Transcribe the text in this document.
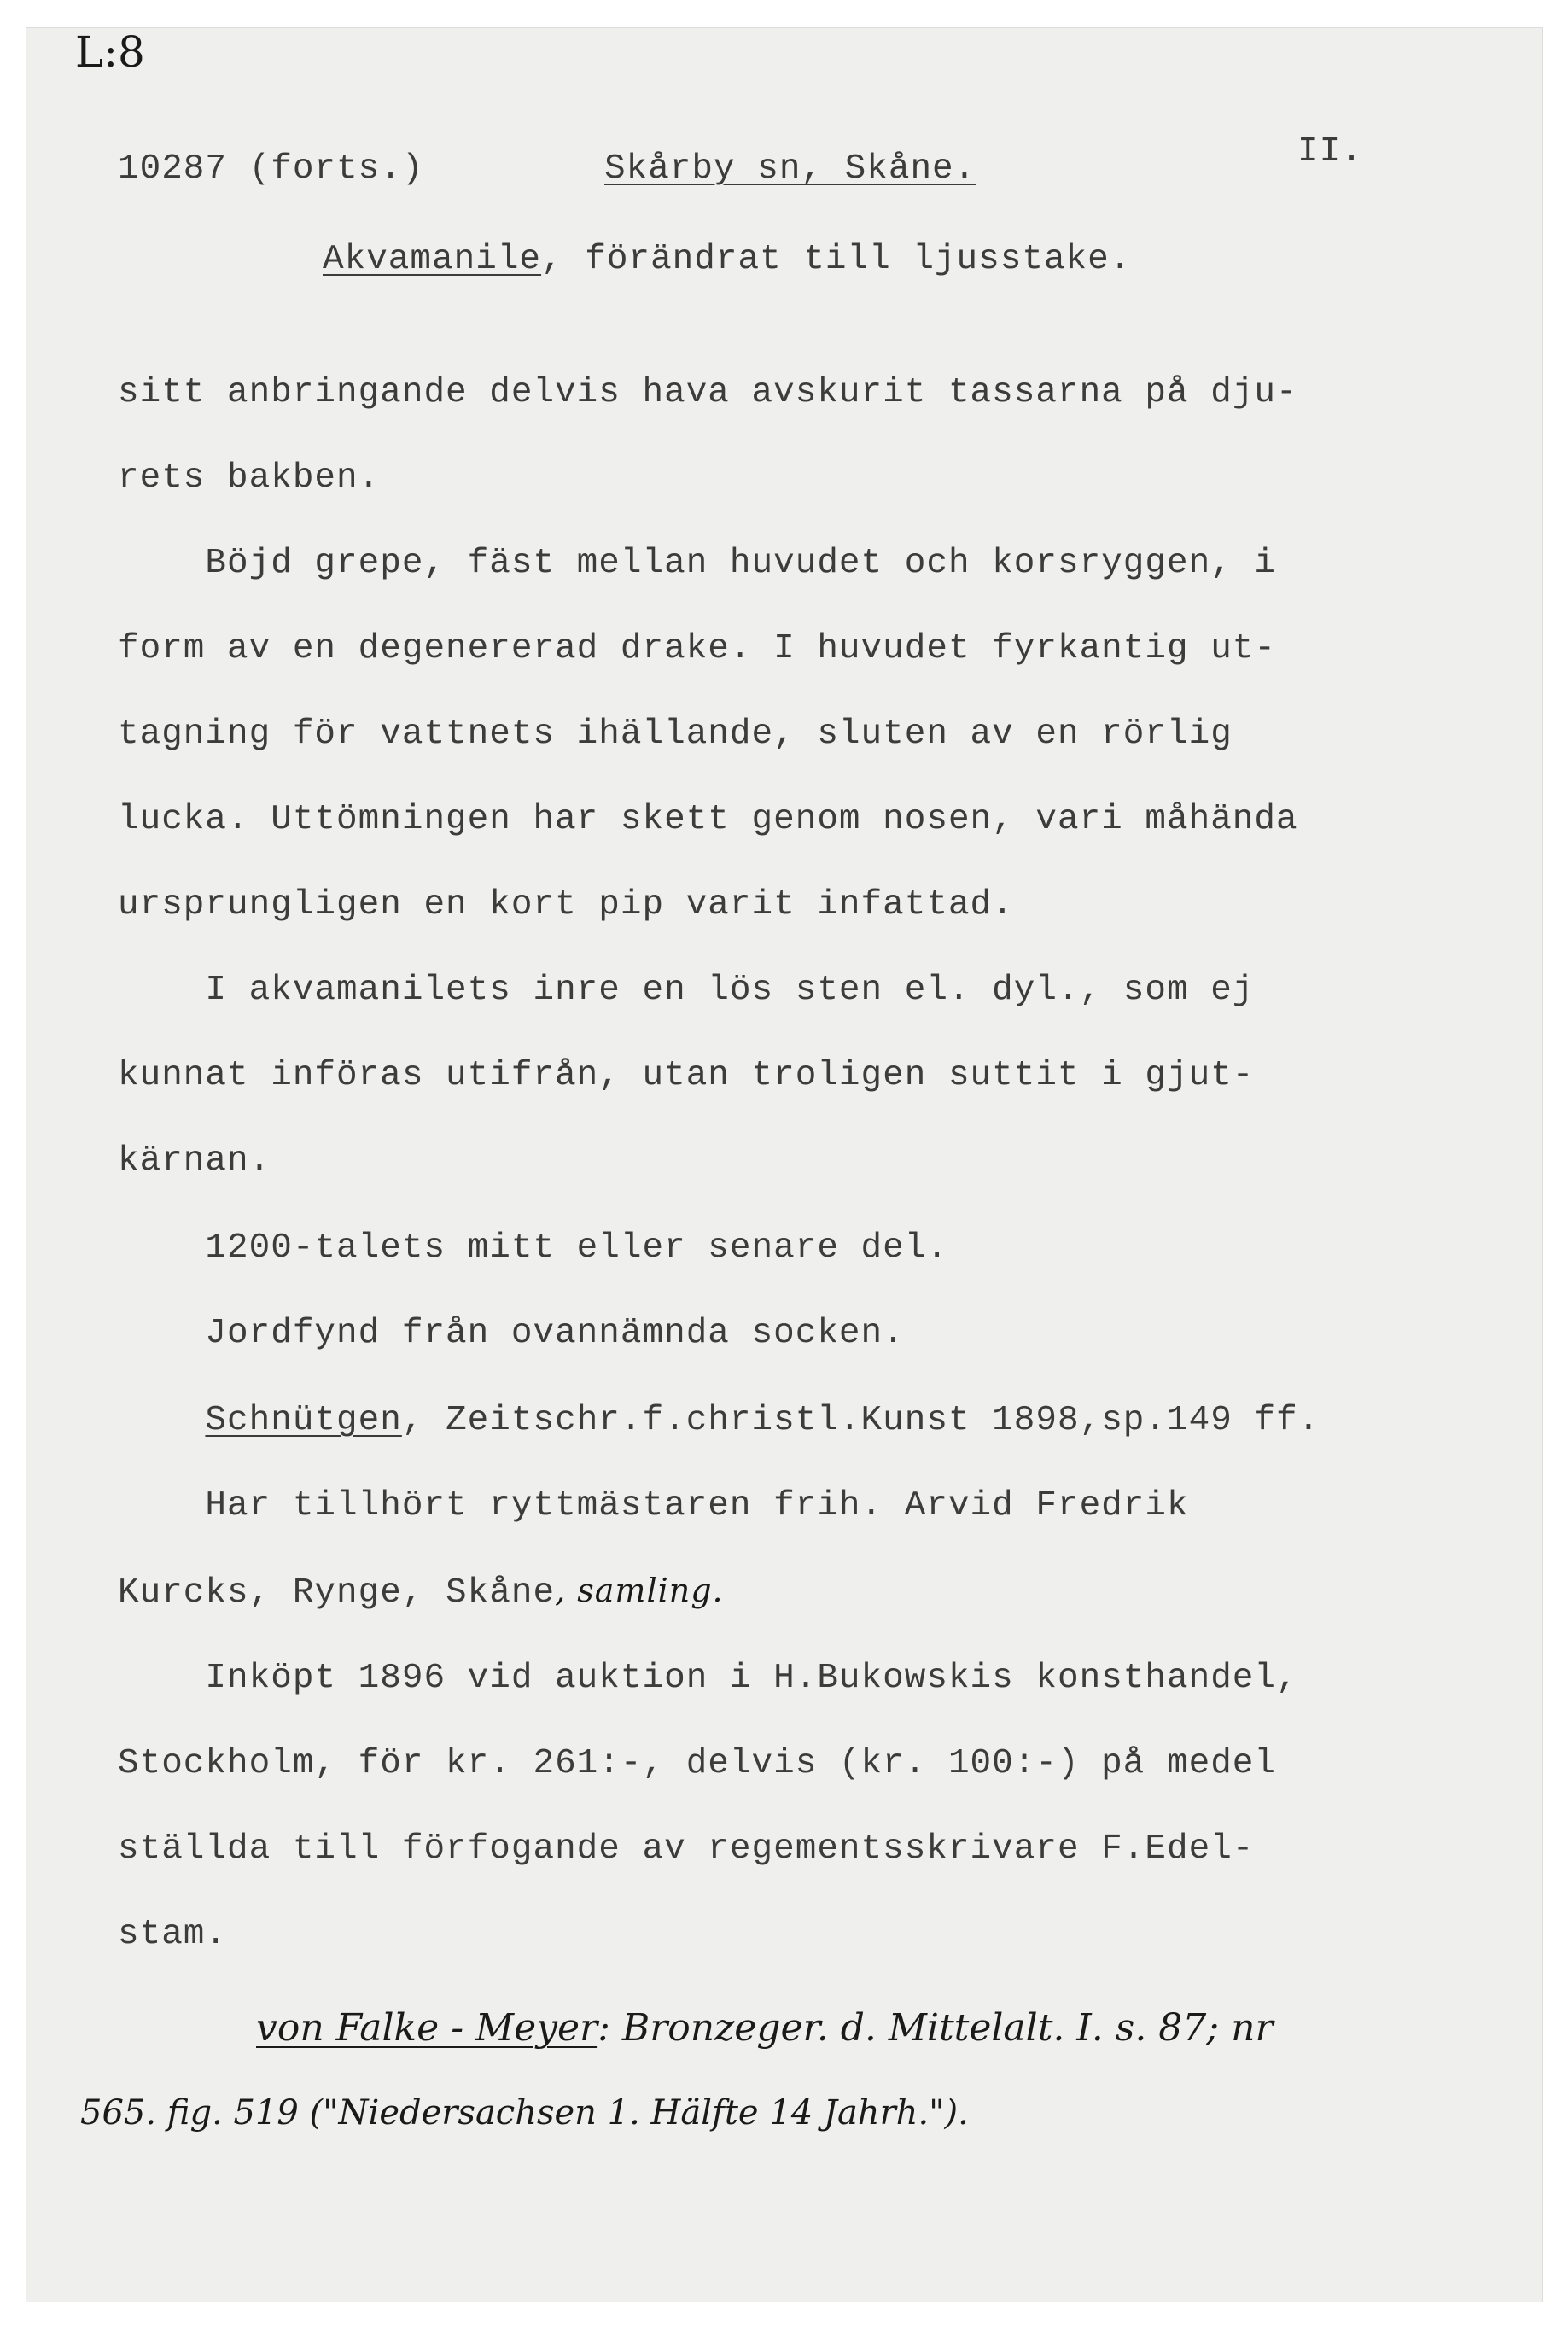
L:8
10287 (forts.)	Skårby sn, Skåne.	II.
Akvamanile, förändrat till ljusstake.
sitt anbringande delvis hava avskurit tassarna på dju-
rets bakben.
Böjd grepe, fäst mellan huvudet och korsryggen, i
form av en degenererad drake. I huvudet fyrkantig ut-
tagning för vattnets ihällande, sluten av en rörlig
lucka. Uttömningen har skett genom nosen, vari måhända
ursprungligen en kort pip varit infattad.
I akvamanilets inre en lös sten el. dyl., som ej
kunnat införas utifrån, utan troligen suttit i gjut-
kärnan.
1200-talets mitt eller senare del.
Jordfynd från ovannämnda socken.
Schnütgen, Zeitschr.f.christl.Kunst 1898,sp.149 ff.
Har tillhört ryttmästaren frih. Arvid Fredrik
Kurcks, Rynge, Skåne, samling.
Inköpt 1896 vid auktion i H.Bukowskis konsthandel,
Stockholm, för kr. 261:-, delvis (kr. 100:-) på medel
ställda till förfogande av regementsskrivare F.Edel-
stam.
von Falke - Meyer: Bronzeger. d. Mittelalt. I. s. 87; nr
565. fig. 519 ("Niedersachsen 1. Hälfte 14 Jahrh.").
